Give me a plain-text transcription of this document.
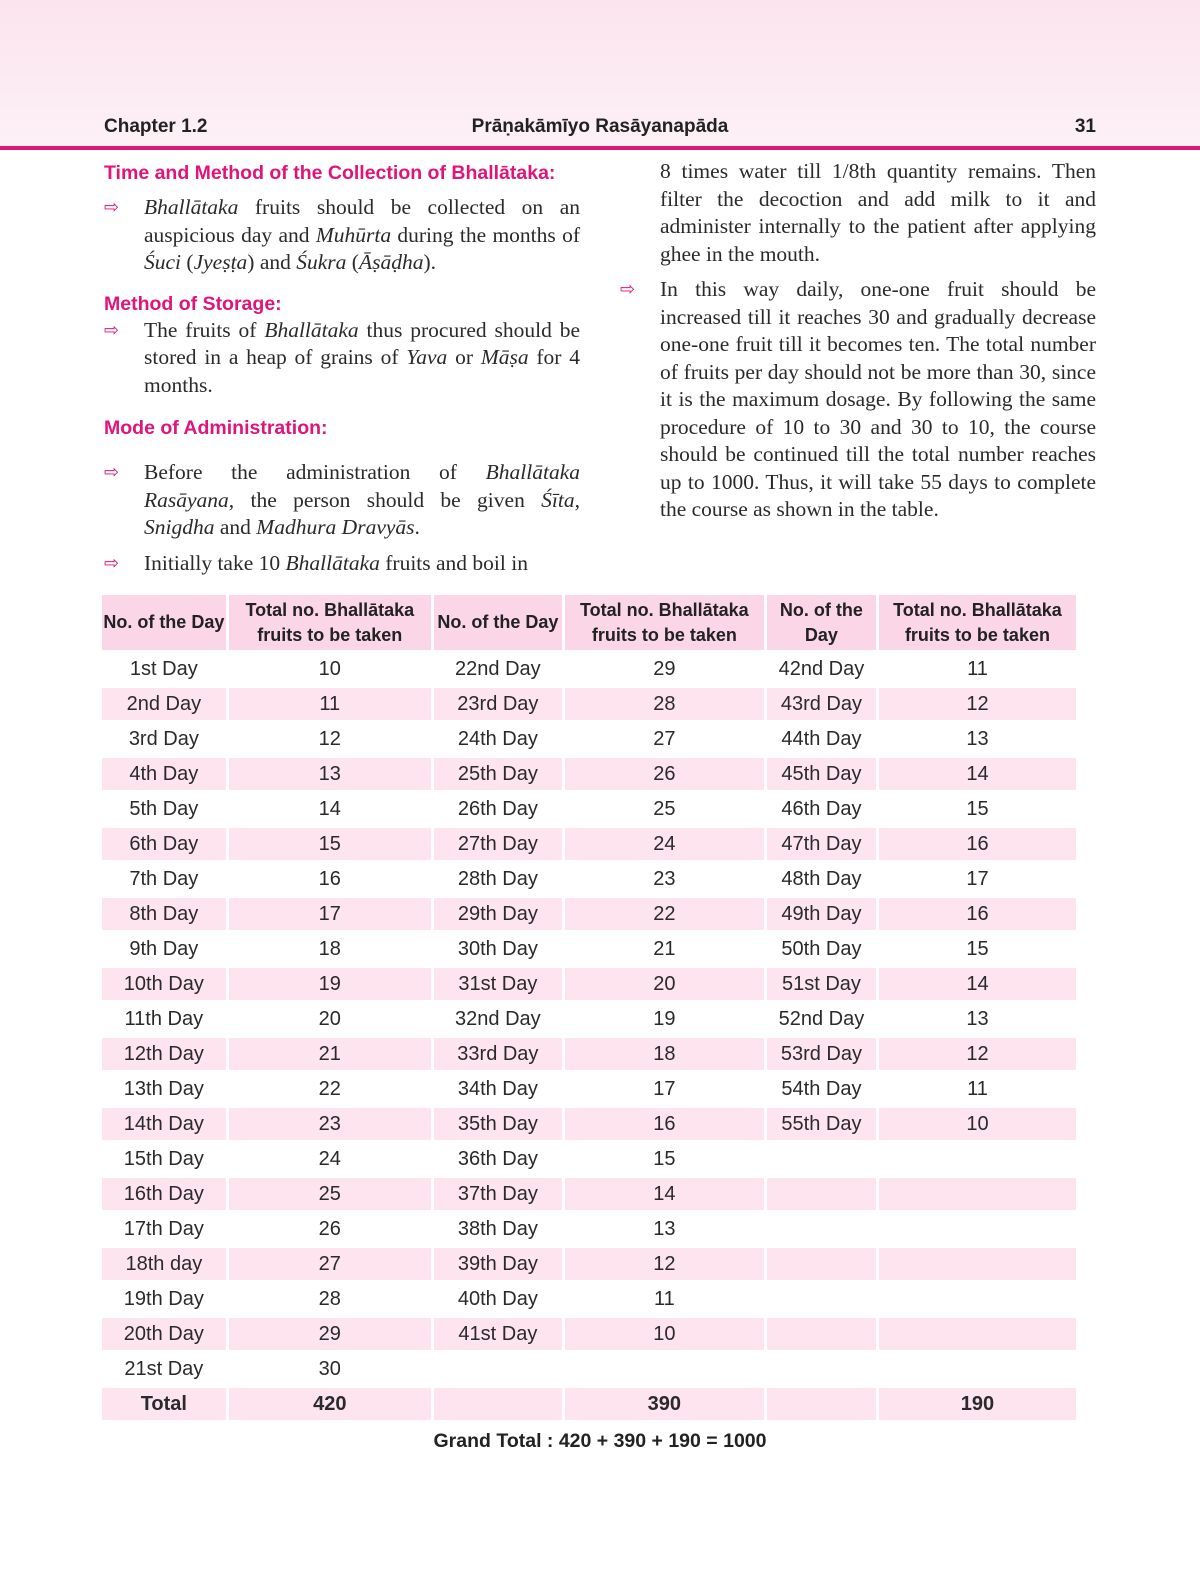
Chapter 1.2	Prāṇakāmīyo Rasāyanapāda	31

Time and Method of the Collection of Bhallātaka:

⇨ Bhallātaka fruits should be collected on an auspicious day and Muhūrta during the months of Śuci (Jyeṣṭa) and Śukra (Āṣāḍha).

Method of Storage:

⇨ The fruits of Bhallātaka thus procured should be stored in a heap of grains of Yava or Māṣa for 4 months.

Mode of Administration:

⇨ Before the administration of Bhallātaka Rasāyana, the person should be given Śīta, Snigdha and Madhura Dravyās.
⇨ Initially take 10 Bhallātaka fruits and boil in
8 times water till 1/8th quantity remains. Then filter the decoction and add milk to it and administer internally to the patient after applying ghee in the mouth.
⇨ In this way daily, one-one fruit should be increased till it reaches 30 and gradually decrease one-one fruit till it becomes ten. The total number of fruits per day should not be more than 30, since it is the maximum dosage. By following the same procedure of 10 to 30 and 30 to 10, the course should be continued till the total number reaches up to 1000. Thus, it will take 55 days to complete the course as shown in the table.
No. of the Day	Total no. Bhallātaka fruits to be taken	No. of the Day	Total no. Bhallātaka fruits to be taken	No. of the Day	Total no. Bhallātaka fruits to be taken
1st Day	10	22nd Day	29	42nd Day	11
2nd Day	11	23rd Day	28	43rd Day	12
3rd Day	12	24th Day	27	44th Day	13
4th Day	13	25th Day	26	45th Day	14
5th Day	14	26th Day	25	46th Day	15
6th Day	15	27th Day	24	47th Day	16
7th Day	16	28th Day	23	48th Day	17
8th Day	17	29th Day	22	49th Day	16
9th Day	18	30th Day	21	50th Day	15
10th Day	19	31st Day	20	51st Day	14
11th Day	20	32nd Day	19	52nd Day	13
12th Day	21	33rd Day	18	53rd Day	12
13th Day	22	34th Day	17	54th Day	11
14th Day	23	35th Day	16	55th Day	10
15th Day	24	36th Day	15		
16th Day	25	37th Day	14		
17th Day	26	38th Day	13		
18th day	27	39th Day	12		
19th Day	28	40th Day	11		
20th Day	29	41st Day	10		
21st Day	30				
Total	420		390		190
Grand Total : 420 + 390 + 190 = 1000
